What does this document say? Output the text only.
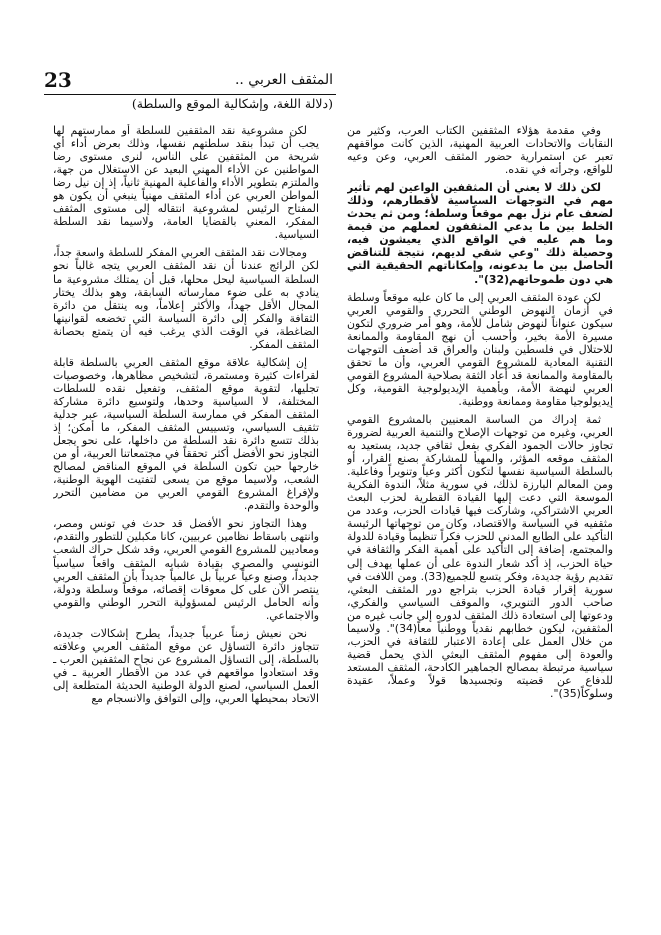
23	المثقف العربي ..
(دلالة اللغة، وإشكالية الموقع والسلطة)

وفي مقدمة هؤلاء المثقفين الكتاب العرب، وكثير من النقابات والاتحادات العربية المهنية، الذين كانت مواقفهم تعبر عن استمرارية حضور المثقف العربي، وعن وعيه للواقع، وجرأته في نقده.

لكن ذلك لا يعني أن المثقفين الواعين لهم تأثير مهم في التوجهات السياسية لأقطارهم، وذلك لضعف عام نزل بهم موقعاً وسلطة؛ ومن ثم يحدث الخلط بين ما يدعي المثقفون لعملهم من قيمة وما هم عليه في الواقع الذي يعيشون فيه، وحصيلة ذلك "وعي شقي لديهم، نتيجة للتناقض الحاصل بين ما يدعونه، وإمكاناتهم الحقيقية التي هي دون طموحاتهم(32)".

لكن عودة المثقف العربي إلى ما كان عليه موقعاً وسلطة في أزمان النهوض الوطني التحرري والقومي العربي سيكون عنواناً لنهوض شامل للأمة، وهو أمر ضروري لتكون مسيرة الأمة بخير، وأحسب أن نهج المقاومة والممانعة للاحتلال في فلسطين ولبنان والعراق قد أضعف التوجهات التقنية المعادية للمشروع القومي العربي، وأن ما تحقق بالمقاومة والممانعة قد أعاد الثقة بصلاحية المشروع القومي العربي لنهضة الأمة، وبأهمية الإيديولوجية القومية، وكل إيديولوجيا مقاومة وممانعة ووطنية.

ثمة إدراك من الساسة المعنيين بالمشروع القومي العربي، وغيره من توجهات الإصلاح والتنمية العربية لضرورة تجاوز حالات الجمود الفكري بفعل ثقافي جديد، يستعيد به المثقف موقعه المؤثر، والمهيأ للمشاركة بصنع القرار، أو بالسلطة السياسية نفسها لتكون أكثر وعياً وتنويراً وفاعلية. ومن المعالم البارزة لذلك، في سورية مثلاً، الندوة الفكرية الموسعة التي دعت إليها القيادة القطرية لحزب البعث العربي الاشتراكي، وشاركت فيها قيادات الحزب، وعدد من مثقفيه في السياسة والاقتصاد، وكان من توجهاتها الرئيسة التأكيد على الطابع المدني للحزب فكراً تنظيماً وقيادة للدولة والمجتمع، إضافة إلى التأكيد على أهمية الفكر والثقافة في حياة الحزب، إذ أكد شعار الندوة على أن عملها يهدف إلى تقديم رؤية جديدة، وفكر يتسع للجميع(33). ومن اللافت في سورية إقرار قيادة الحزب بتراجع دور المثقف البعثي، صاحب الدور التنويري، والموقف السياسي والفكري، ودعوتها إلى استعادة ذلك المثقف لدوره إلى جانب غيره من المثقفين، ليكون خطابهم نقدياً ووطنياً معاً(34)". ولاسيما من خلال العمل على إعادة الاعتبار للثقافة في الحزب، والعودة إلى مفهوم المثقف البعثي الذي يحمل قضية سياسية مرتبطة بمصالح الجماهير الكادحة، المثقف المستعد للدفاع عن قضيته وتجسيدها قولاً وعملاً، عقيدة وسلوكاً(35)".

لكن مشروعية نقد المثقفين للسلطة أو ممارستهم لها يجب أن تبدأ بنقد سلطتهم نفسها، وذلك بعرض أداء أي شريحة من المثقفين على الناس، لنرى مستوى رضا المواطنين عن الأداء المهني البعيد عن الاستغلال من جهة، والملتزم بتطوير الأداء والفاعلية المهنية ثانياً، إذ إن نيل رضا المواطن العربي عن أداء المثقف مهنياً ينبغي أن يكون هو المفتاح الرئيس لمشروعية انتقاله إلى مستوى المثقف المفكر، المعني بالقضايا العامة، ولاسيما نقد السلطة السياسية.

ومجالات نقد المثقف العربي المفكر للسلطة واسعة جداً، لكن الرائج عندنا أن نقد المثقف العربي يتجه غالباً نحو السلطة السياسية ليحل محلها، قبل أن يمتلك مشروعية ما ينادي به على ضوء ممارساته السابقة، وهو بذلك يختار المجال الأقل جهداً، والأكثر إعلاماً، وبه ينتقل من دائرة الثقافة والفكر إلى دائرة السياسة التي تخضعه لقوانينها الضاغطة، في الوقت الذي يرغب فيه أن يتمتع بحصانة المثقف المفكر.

إن إشكالية علاقة موقع المثقف العربي بالسلطة قابلة لقراءات كثيرة ومستمرة، لتشخيص مظاهرها، وخصوصيات تجليها، لتقوية موقع المثقف، وتفعيل نقده للسلطات المختلفة، لا السياسية وحدها، ولتوسيع دائرة مشاركة المثقف المفكر في ممارسة السلطة السياسية، عبر جدلية تثقيف السياسي، وتسييس المثقف المفكر، ما أمكن؛ إذ بذلك تتسع دائرة نقد السلطة من داخلها، على نحو يجعل التجاوز نحو الأفضل أكثر تحققاً في مجتمعاتنا العربية، أو من خارجها حين تكون السلطة في الموقع المناقض لمصالح الشعب، ولاسيما موقع من يسعى لتفتيت الهوية الوطنية، ولإفراغ المشروع القومي العربي من مضامين التحرر والوحدة والتقدم.

وهذا التجاوز نحو الأفضل قد حدث في تونس ومصر، وانتهى باسقاط نظامين عربيين، كانا مكبلين للتطور والتقدم، ومعاديين للمشروع القومي العربي، وقد شكل حراك الشعب التونسي والمصري بقيادة شبابه المثقف واقعاً سياسياً جديداً، وصنع وعياً عربياً بل عالمياً جديداً بأن المثقف العربي ينتصر الآن على كل معوقات إقصائه، موقعاً وسلطة ودولة، وأنه الحامل الرئيس لمسؤولية التحرر الوطني والقومي والاجتماعي.

نحن نعيش زمناً عربياً جديداً، يطرح إشكالات جديدة، تتجاوز دائرة التساؤل عن موقع المثقف العربي وعلاقته بالسلطة، إلى التساؤل المشروع عن نجاح المثقفين العرب ـ وقد استعادوا مواقعهم في عدد من الأقطار العربية ـ في العمل السياسي، لصنع الدولة الوطنية الحديثة المتطلعة إلى الاتحاد بمحيطها العربي، وإلى التوافق والانسجام مع
